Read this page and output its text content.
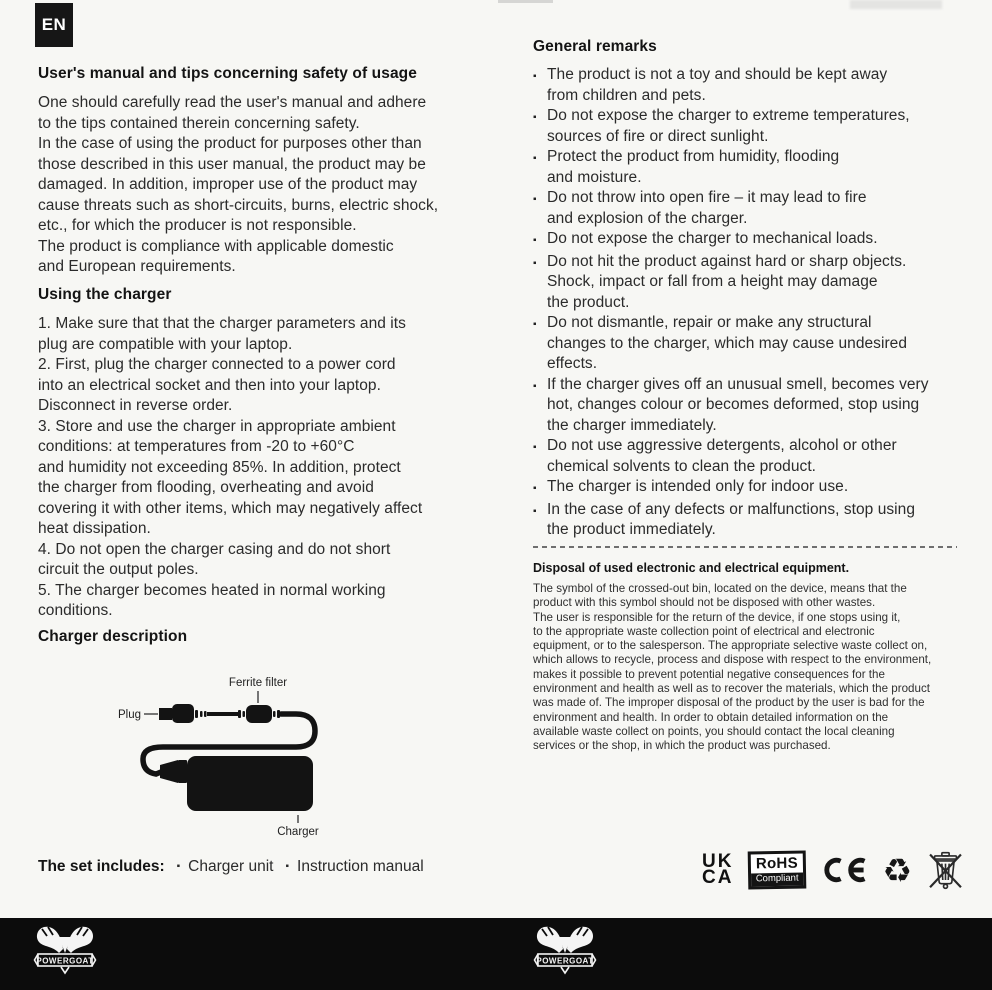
EN
User's manual and tips concerning safety of usage
One should carefully read the user's manual and adhere
to the tips contained therein concerning safety.
In the case of using the product for purposes other than
those described in this user manual, the product may be
damaged. In addition, improper use of the product may
cause threats such as short-circuits, burns, electric shock,
etc., for which the producer is not responsible.
The product is compliance with applicable domestic
and European requirements.
Using the charger
1. Make sure that that the charger parameters and its
plug are compatible with your laptop.
2. First, plug the charger connected to a power cord
into an electrical socket and then into your laptop.
Disconnect in reverse order.
3. Store and use the charger in appropriate ambient
conditions: at temperatures from -20 to +60°C
and humidity not exceeding 85%. In addition, protect
the charger from flooding, overheating and avoid
covering it with other items, which may negatively affect
heat dissipation.
4. Do not open the charger casing and do not short
circuit the output poles.
5. The charger becomes heated in normal working
conditions.
Charger description
Ferrite filter
Plug
Charger
The set includes: ▪ Charger unit ▪ Instruction manual
General remarks
▪ The product is not a toy and should be kept away
from children and pets.
▪ Do not expose the charger to extreme temperatures,
sources of fire or direct sunlight.
▪ Protect the product from humidity, flooding
and moisture.
▪ Do not throw into open fire – it may lead to fire
and explosion of the charger.
▪ Do not expose the charger to mechanical loads.
▪ Do not hit the product against hard or sharp objects.
Shock, impact or fall from a height may damage
the product.
▪ Do not dismantle, repair or make any structural
changes to the charger, which may cause undesired
effects.
▪ If the charger gives off an unusual smell, becomes very
hot, changes colour or becomes deformed, stop using
the charger immediately.
▪ Do not use aggressive detergents, alcohol or other
chemical solvents to clean the product.
▪ The charger is intended only for indoor use.
▪ In the case of any defects or malfunctions, stop using
the product immediately.
Disposal of used electronic and electrical equipment.
The symbol of the crossed-out bin, located on the device, means that the
product with this symbol should not be disposed with other wastes.
The user is responsible for the return of the device, if one stops using it,
to the appropriate waste collection point of electrical and electronic
equipment, or to the salesperson. The appropriate selective waste collect on,
which allows to recycle, process and dispose with respect to the environment,
makes it possible to prevent potential negative consequences for the
environment and health as well as to recover the materials, which the product
was made of. The improper disposal of the product by the user is bad for the
environment and health. In order to obtain detailed information on the
available waste collect on points, you should contact the local cleaning
services or the shop, in which the product was purchased.
UK
CA
RoHS
Compliant	♻
POWERGOAT	POWERGOAT
